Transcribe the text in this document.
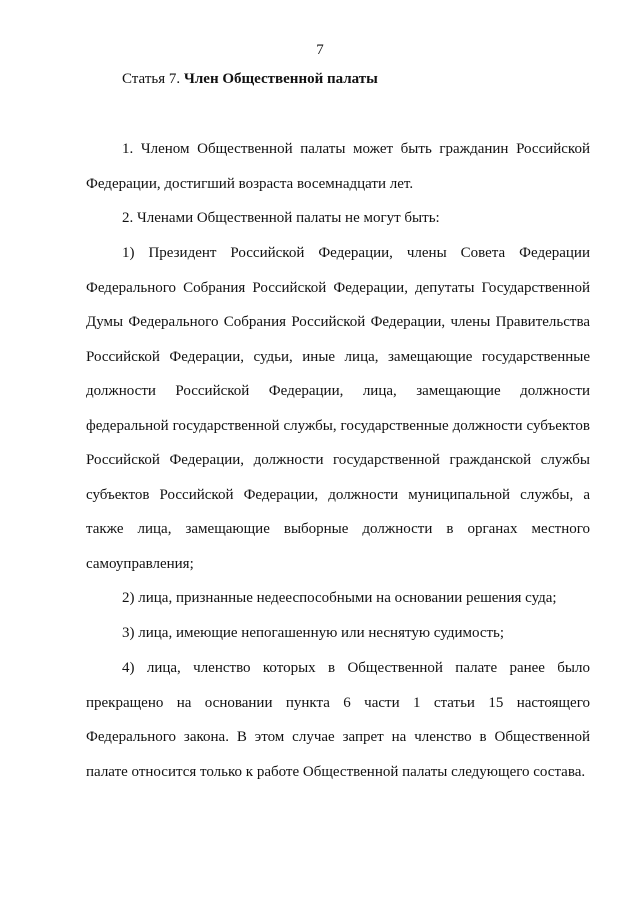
7
Статья 7. Член Общественной палаты

1. Членом Общественной палаты может быть гражданин Российской Федерации, достигший возраста восемнадцати лет.

2. Членами Общественной палаты не могут быть:

1) Президент Российской Федерации, члены Совета Федерации Федерального Собрания Российской Федерации, депутаты Государственной Думы Федерального Собрания Российской Федерации, члены Правительства Российской Федерации, судьи, иные лица, замещающие государственные должности Российской Федерации, лица, замещающие должности федеральной государственной службы, государственные должности субъектов Российской Федерации, должности государственной гражданской службы субъектов Российской Федерации, должности муниципальной службы, а также лица, замещающие выборные должности в органах местного самоуправления;

2) лица, признанные недееспособными на основании решения суда;

3) лица, имеющие непогашенную или неснятую судимость;

4) лица, членство которых в Общественной палате ранее было прекращено на основании пункта 6 части 1 статьи 15 настоящего Федерального закона. В этом случае запрет на членство в Общественной палате относится только к работе Общественной палаты следующего состава.
